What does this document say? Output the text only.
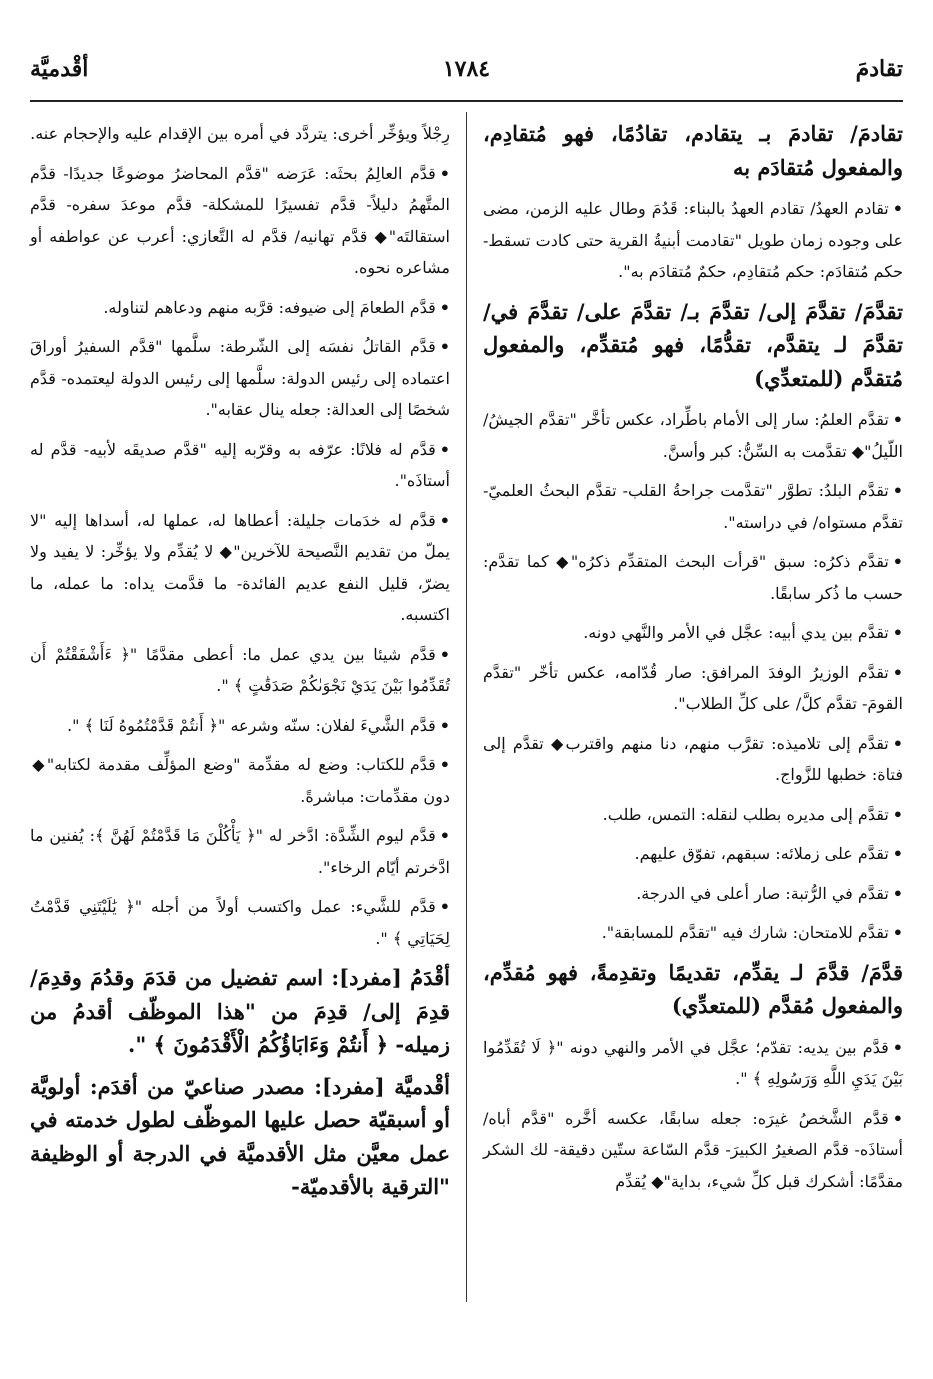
تقادمَ
١٧٨٤
أقْدميَّة

تقادمَ/ تقادمَ بـ يتقادم، تقادُمًا، فهو مُتقادِم، والمفعول مُتقادَم به

•تقادم العهدُ/ تقادم العهدُ بالبناء: قَدُمَ وطال عليه الزمن، مضى على وجوده زمان طويل "تقادمت أبنيةُ القرية حتى كادت تسقط- حكم مُتقادَم: حكم مُتقادِم، حكمٌ مُتقادَم به".

تقدَّمَ/ تقدَّمَ إلى/ تقدَّمَ بـ/ تقدَّمَ على/ تقدَّمَ في/ تقدَّمَ لـ يتقدَّم، تقدُّمًا، فهو مُتقدِّم، والمفعول مُتقدَّم (للمتعدِّي)

•تقدَّم العلمُ: سار إلى الأمام باطِّراد، عكس تأخَّر "تقدَّم الجيشُ/ اللّيلُ"◆ تقدَّمت به السِّنُّ: كبر وأسنَّ.

•تقدَّم البلدُ: تطوَّر "تقدَّمت جراحةُ القلب- تقدَّم البحثُ العلميّ- تقدَّم مستواه/ في دراسته".

•تقدَّم ذكرُه: سبق "قرأت البحث المتقدِّم ذكرُه"◆ كما تقدَّم: حسب ما ذُكر سابقًا.

•تقدَّم بين يدي أبيه: عجَّل في الأمر والنَّهي دونه.

•تقدَّم الوزيرُ الوفدَ المرافق: صار قُدّامه، عكس تأخّر "تقدَّم القومَ- تقدَّم كلَّ/ على كلِّ الطلاب".

•تقدَّم إلى تلاميذه: تقرَّب منهم، دنا منهم واقترب◆ تقدَّم إلى فتاة: خطبها للزَّواج.

•تقدَّم إلى مديره بطلب لنقله: التمس، طلب.

•تقدَّم على زملائه: سبقهم، تفوّق عليهم.

•تقدَّم في الرُّتبة: صار أعلى في الدرجة.

•تقدَّم للامتحان: شارك فيه "تقدَّم للمسابقة".

قدَّمَ/ قدَّمَ لـ يقدِّم، تقديمًا وتقدِمةً، فهو مُقدِّم، والمفعول مُقدَّم (للمتعدِّي)

•قدَّم بين يديه: تقدّم؛ عجَّل في الأمر والنهي دونه "﴿ لَا تُقَدِّمُوا بَيْنَ يَدَيِ اللَّهِ وَرَسُولِهِ ﴾ ".

•قدَّم الشَّخصُ غيرَه: جعله سابقًا، عكسه أخَّره "قدَّم أباه/ أستاذَه- قدَّم الصغيرُ الكبيرَ- قدَّم السّاعة ستّين دقيقة- لك الشكر مقدَّمًا: أشكرك قبل كلِّ شيء، بداية"◆ يُقدِّم

رِجْلاً ويؤخِّر أخرى: يتردَّد في أمره بين الإقدام عليه والإحجام عنه.

•قدَّم العالِمُ بحثَه: عَرَضه "قدَّم المحاضرُ موضوعًا جديدًا- قدَّم المتَّهمُ دليلاً- قدَّم تفسيرًا للمشكلة- قدَّم موعدَ سفره- قدَّم استقالتَه"◆ قدَّم تهانيه/ قدَّم له التَّعازي: أعرب عن عواطفه أو مشاعره نحوه.

•قدَّم الطعامَ إلى ضيوفه: قرَّبه منهم ودعاهم لتناوله.

•قدَّم القاتلُ نفسَه إلى الشّرطة: سلَّمها "قدَّم السفيرُ أوراقَ اعتماده إلى رئيس الدولة: سلَّمها إلى رئيس الدولة ليعتمده- قدَّم شخصًا إلى العدالة: جعله ينال عقابه".

•قدَّم له فلانًا: عرّفه به وقرّبه إليه "قدَّم صديقَه لأبيه- قدَّم له أستاذَه".

•قدَّم له خدَمات جليلة: أعطاها له، عملها له، أسداها إليه "لا يملّ من تقديم النَّصيحة للآخرين"◆ لا يُقدِّم ولا يؤخِّر: لا يفيد ولا يضرّ، قليل النفع عديم الفائدة- ما قدَّمت يداه: ما عمله، ما اكتسبه.

•قدَّم شيئا بين يدي عمل ما: أعطى مقدَّمًا "﴿ ءَأَشْفَقْتُمْ أَن تُقَدِّمُوا بَيْنَ يَدَيْ نَجْوَىٰكُمْ صَدَقَٰتٍ ﴾ ".

•قدَّم الشَّيءَ لفلان: سنّه وشرعه "﴿ أَنتُمْ قَدَّمْتُمُوهُ لَنَا ﴾ ".

•قدَّم للكتاب: وضع له مقدِّمة "وضع المؤلِّف مقدمة لكتابه"◆ دون مقدِّمات: مباشرةً.

•قدَّم ليوم الشِّدَّة: ادَّخر له "﴿ يَأْكُلْنَ مَا قَدَّمْتُمْ لَهُنَّ ﴾: يُفنين ما ادَّخرتم أيّام الرخاء".

•قدَّم للشَّيء: عمل واكتسب أولاً من أجله "﴿ يَٰلَيْتَنِي قَدَّمْتُ لِحَيَاتِي ﴾ ".

أقْدَمُ [مفرد]: اسم تفضيل من قدَمَ وقدُمَ وقدِمَ/ قدِمَ إلى/ قدِمَ من "هذا الموظّف أقدمُ من زميله- ﴿ أَنتُمْ وَءَابَاؤُكُمُ الْأَقْدَمُونَ ﴾ ".

أقْدميَّة [مفرد]: مصدر صناعيّ من أقدَم: أولويَّة أو أسبقيّة حصل عليها الموظّف لطول خدمته في عمل معيَّن مثل الأقدميَّة في الدرجة أو الوظيفة "الترقية بالأقدميّة-
